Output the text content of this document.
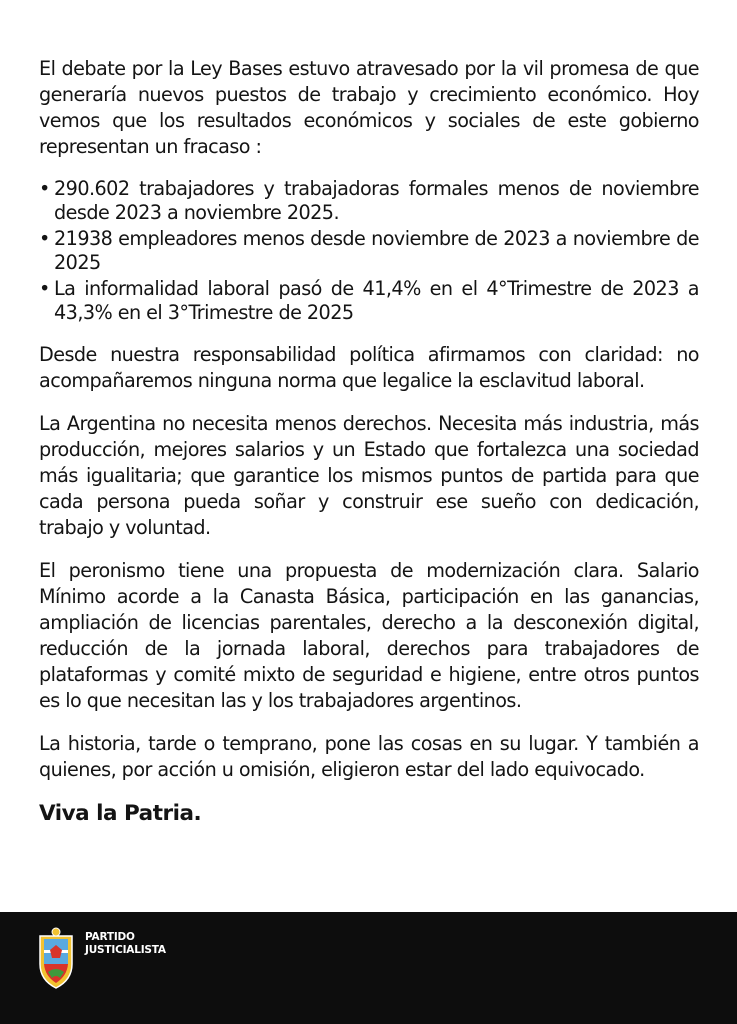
El debate por la Ley Bases estuvo atravesado por la vil promesa de que generaría nuevos puestos de trabajo y crecimiento económico. Hoy vemos que los resultados económicos y sociales de este gobierno representan un fracaso :

• 290.602 trabajadores y trabajadoras formales menos de noviembre desde 2023 a noviembre 2025.
• 21938 empleadores menos desde noviembre de 2023 a noviembre de 2025
• La informalidad laboral pasó de 41,4% en el 4°Trimestre de 2023 a 43,3% en el 3°Trimestre de 2025

Desde nuestra responsabilidad política afirmamos con claridad: no acompañaremos ninguna norma que legalice la esclavitud laboral.

La Argentina no necesita menos derechos. Necesita más industria, más producción, mejores salarios y un Estado que fortalezca una sociedad más igualitaria; que garantice los mismos puntos de partida para que cada persona pueda soñar y construir ese sueño con dedicación, trabajo y voluntad.

El peronismo tiene una propuesta de modernización clara. Salario Mínimo acorde a la Canasta Básica, participación en las ganancias, ampliación de licencias parentales, derecho a la desconexión digital, reducción de la jornada laboral, derechos para trabajadores de plataformas y comité mixto de seguridad e higiene, entre otros puntos es lo que necesitan las y los trabajadores argentinos.

La historia, tarde o temprano, pone las cosas en su lugar. Y también a quienes, por acción u omisión, eligieron estar del lado equivocado.

Viva la Patria.

PARTIDO
JUSTICIALISTA
